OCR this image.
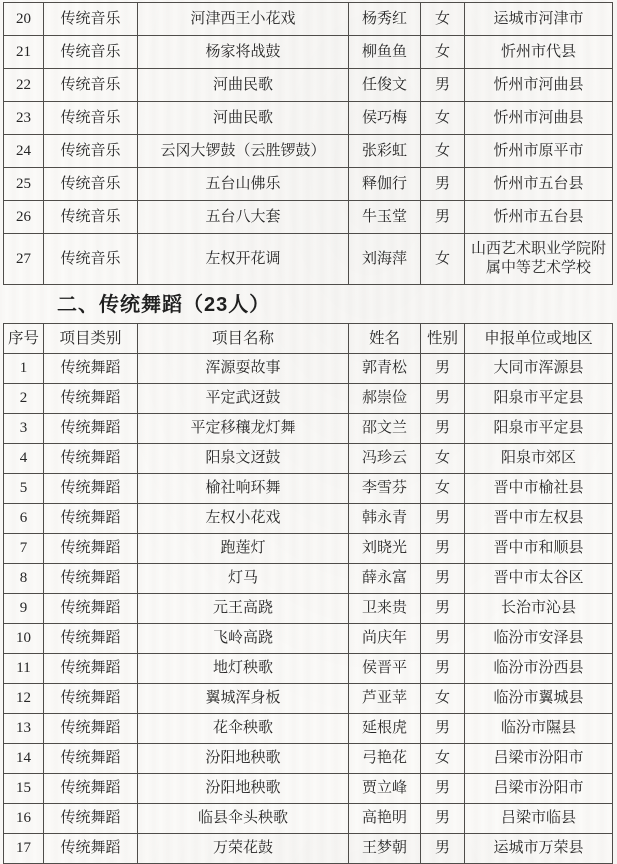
20	传统音乐	河津西王小花戏	杨秀红	女	运城市河津市
21	传统音乐	杨家将战鼓	柳鱼鱼	女	忻州市代县
22	传统音乐	河曲民歌	任俊文	男	忻州市河曲县
23	传统音乐	河曲民歌	侯巧梅	女	忻州市河曲县
24	传统音乐	云冈大锣鼓（云胜锣鼓）	张彩虹	女	忻州市原平市
25	传统音乐	五台山佛乐	释伽行	男	忻州市五台县
26	传统音乐	五台八大套	牛玉堂	男	忻州市五台县
27	传统音乐	左权开花调	刘海萍	女	山西艺术职业学院附属中等艺术学校
二、传统舞蹈（23人）
序号	项目类别	项目名称	姓名	性别	申报单位或地区
1	传统舞蹈	浑源耍故事	郭青松	男	大同市浑源县
2	传统舞蹈	平定武迓鼓	郝崇俭	男	阳泉市平定县
3	传统舞蹈	平定移穰龙灯舞	邵文兰	男	阳泉市平定县
4	传统舞蹈	阳泉文迓鼓	冯珍云	女	阳泉市郊区
5	传统舞蹈	榆社响环舞	李雪芬	女	晋中市榆社县
6	传统舞蹈	左权小花戏	韩永青	男	晋中市左权县
7	传统舞蹈	跑莲灯	刘晓光	男	晋中市和顺县
8	传统舞蹈	灯马	薛永富	男	晋中市太谷区
9	传统舞蹈	元王高跷	卫来贵	男	长治市沁县
10	传统舞蹈	飞岭高跷	尚庆年	男	临汾市安泽县
11	传统舞蹈	地灯秧歌	侯晋平	男	临汾市汾西县
12	传统舞蹈	翼城浑身板	芦亚苹	女	临汾市翼城县
13	传统舞蹈	花伞秧歌	延根虎	男	临汾市隰县
14	传统舞蹈	汾阳地秧歌	弓艳花	女	吕梁市汾阳市
15	传统舞蹈	汾阳地秧歌	贾立峰	男	吕梁市汾阳市
16	传统舞蹈	临县伞头秧歌	高艳明	男	吕梁市临县
17	传统舞蹈	万荣花鼓	王梦朝	男	运城市万荣县
